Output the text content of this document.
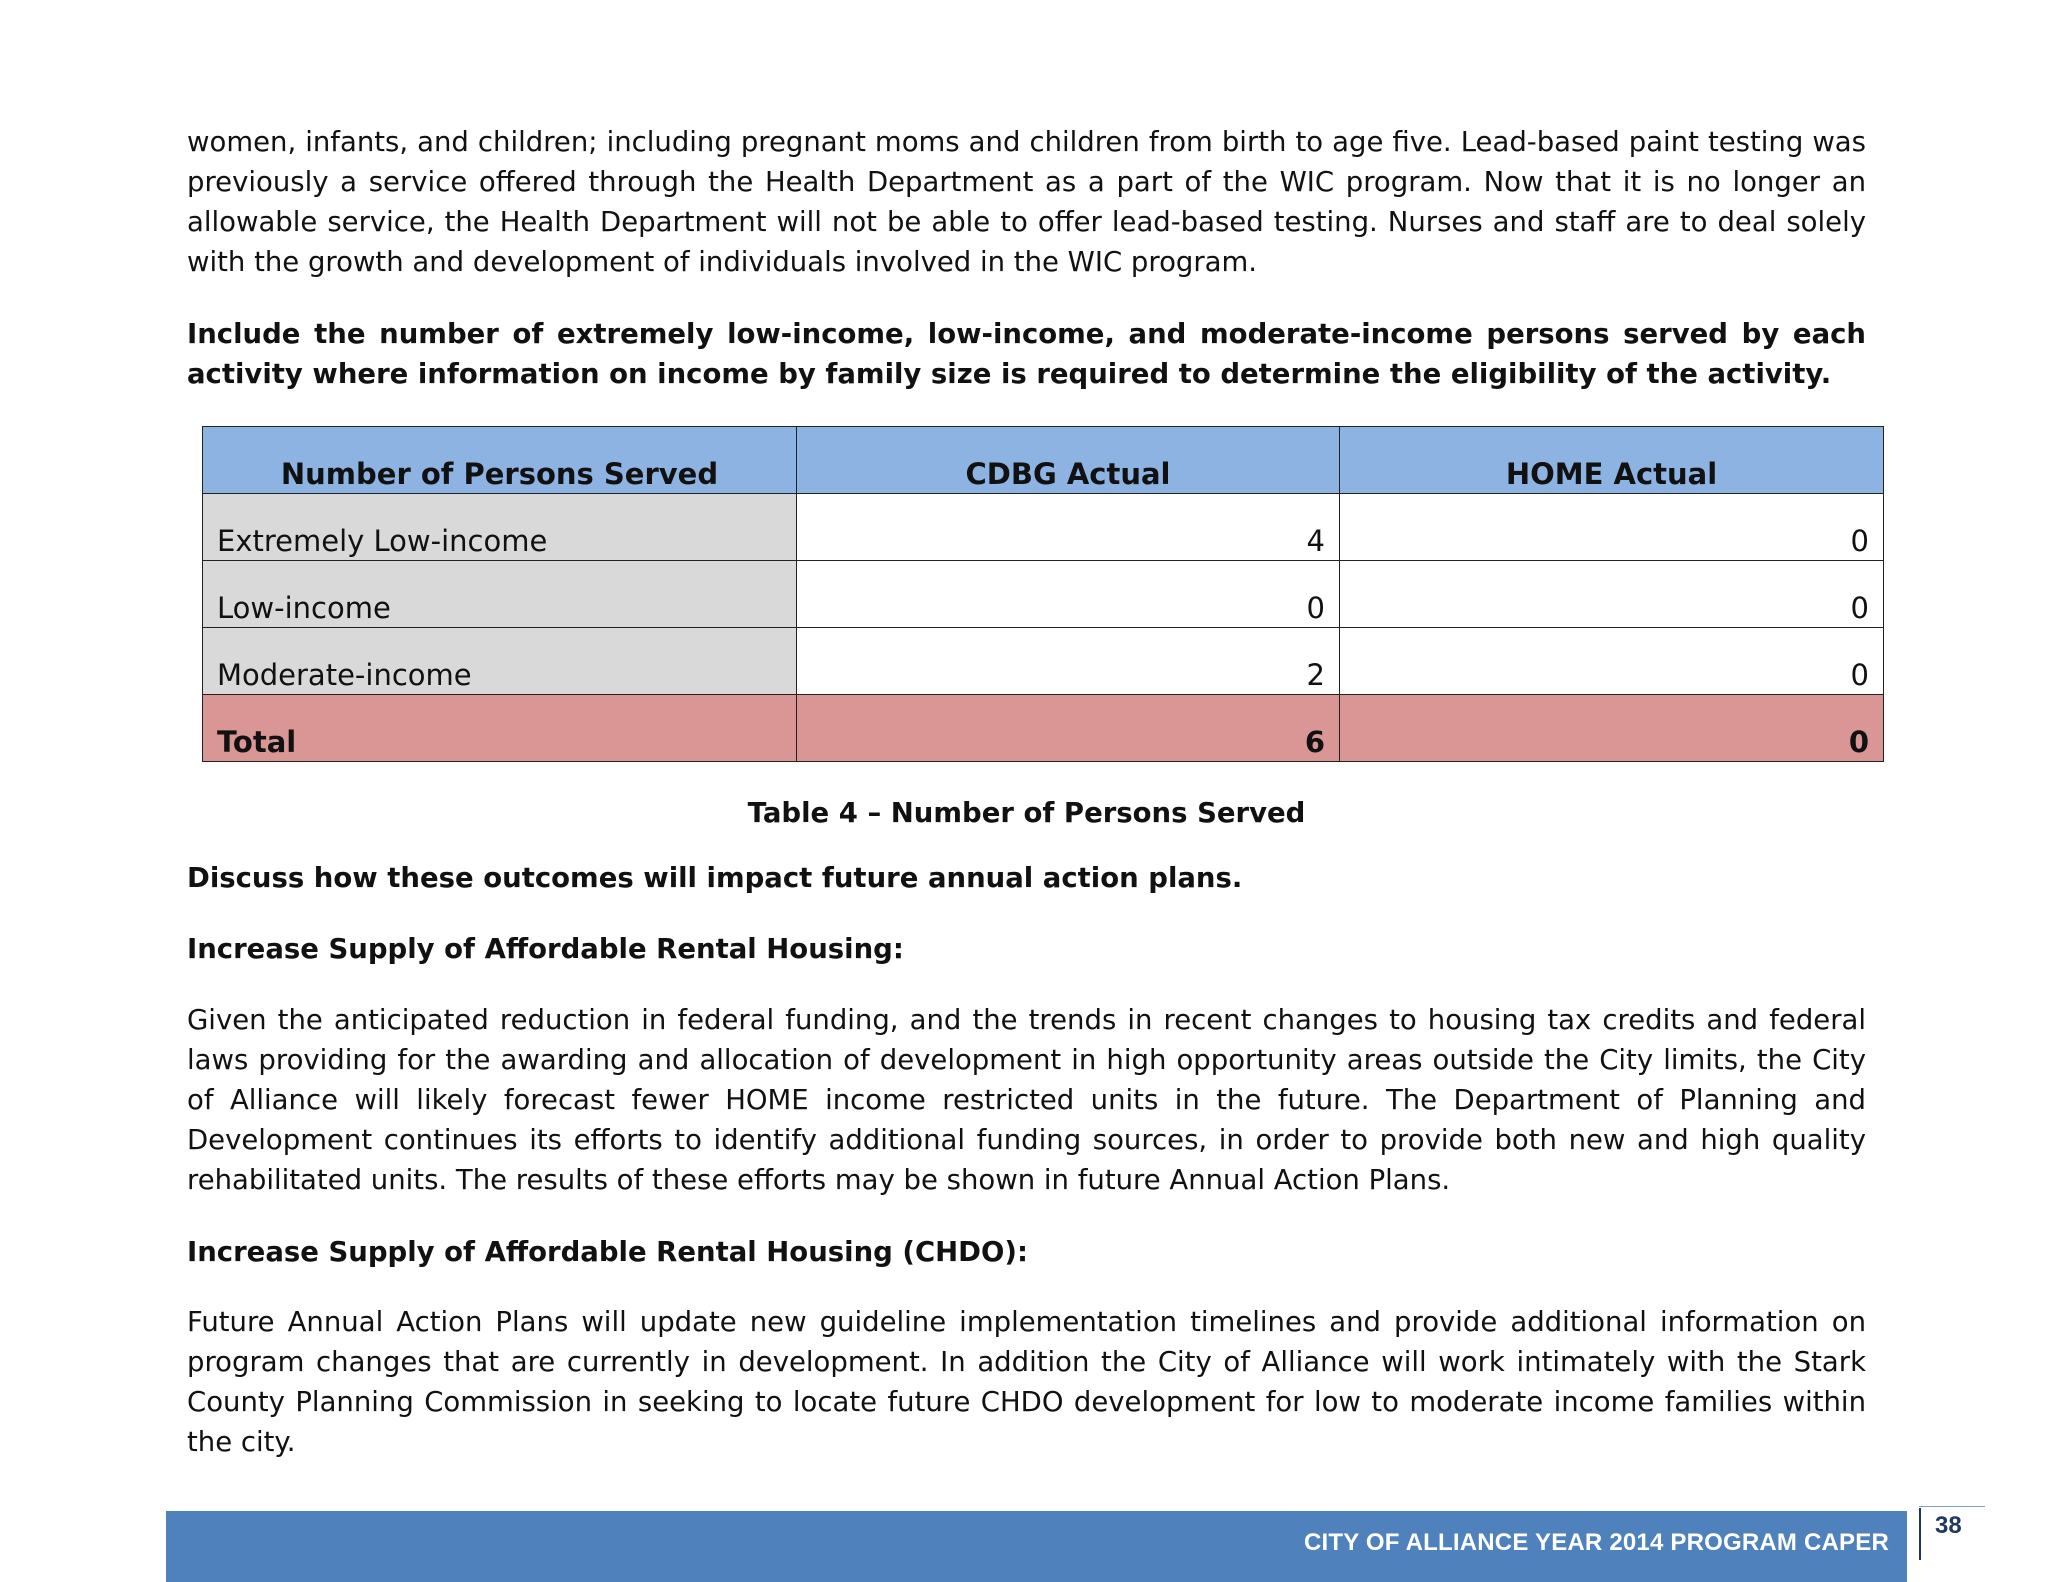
women, infants, and children; including pregnant moms and children from birth to age five. Lead-based paint testing was previously a service offered through the Health Department as a part of the WIC program. Now that it is no longer an allowable service, the Health Department will not be able to offer lead-based testing. Nurses and staff are to deal solely with the growth and development of individuals involved in the WIC program.

Include the number of extremely low-income, low-income, and moderate-income persons served by each activity where information on income by family size is required to determine the eligibility of the activity.

Number of Persons Served	CDBG Actual	HOME Actual
Extremely Low-income	4	0
Low-income	0	0
Moderate-income	2	0
Total	6	0

Table 4 – Number of Persons Served

Discuss how these outcomes will impact future annual action plans.

Increase Supply of Affordable Rental Housing:

Given the anticipated reduction in federal funding, and the trends in recent changes to housing tax credits and federal laws providing for the awarding and allocation of development in high opportunity areas outside the City limits, the City of Alliance will likely forecast fewer HOME income restricted units in the future. The Department of Planning and Development continues its efforts to identify additional funding sources, in order to provide both new and high quality rehabilitated units. The results of these efforts may be shown in future Annual Action Plans.

Increase Supply of Affordable Rental Housing (CHDO):

Future Annual Action Plans will update new guideline implementation timelines and provide additional information on program changes that are currently in development. In addition the City of Alliance will work intimately with the Stark County Planning Commission in seeking to locate future CHDO development for low to moderate income families within the city.

CITY OF ALLIANCE YEAR 2014 PROGRAM CAPER
38
